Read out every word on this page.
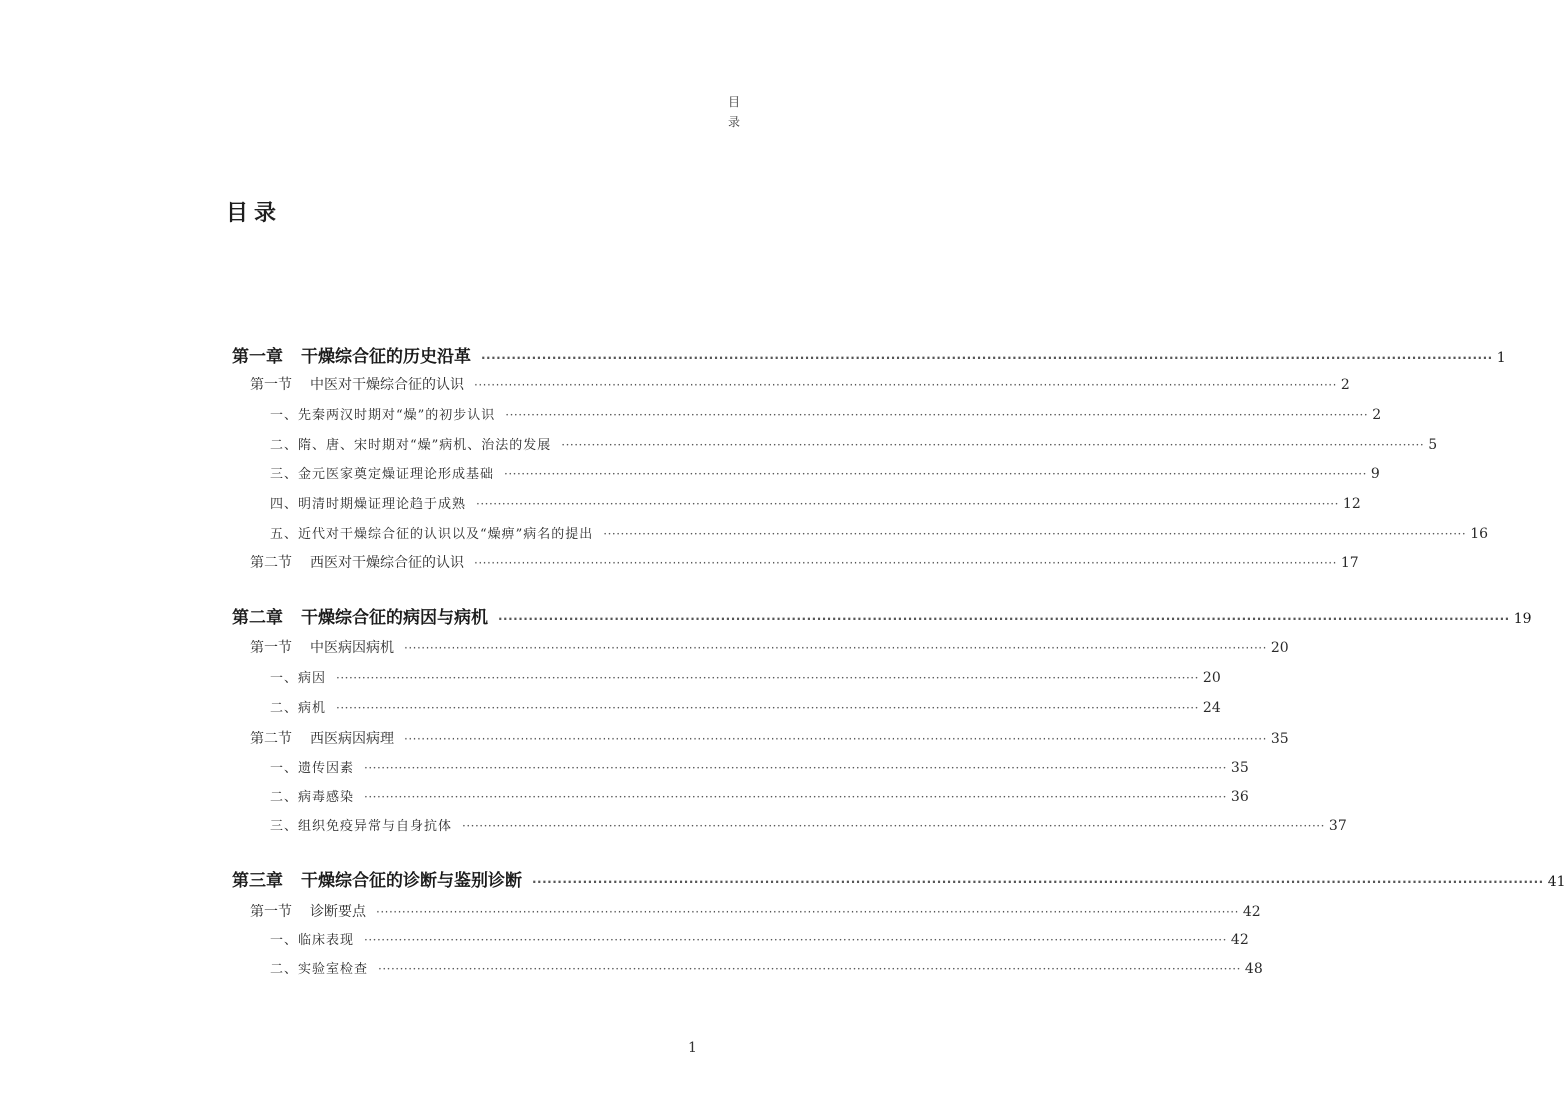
目
录
目录
第一章 干燥综合征的历史沿革 ········································································································································································································ 1
第一节 中医对干燥综合征的认识 ········································································································································································································ 2
一、先秦两汉时期对“燥”的初步认识 ········································································································································································································ 2
二、隋、唐、宋时期对“燥”病机、治法的发展 ········································································································································································································ 5
三、金元医家奠定燥证理论形成基础 ········································································································································································································ 9
四、明清时期燥证理论趋于成熟 ········································································································································································································ 12
五、近代对干燥综合征的认识以及“燥痹”病名的提出 ········································································································································································································ 16
第二节 西医对干燥综合征的认识 ········································································································································································································ 17
第二章 干燥综合征的病因与病机 ········································································································································································································ 19
第一节 中医病因病机 ········································································································································································································ 20
一、病因 ········································································································································································································ 20
二、病机 ········································································································································································································ 24
第二节 西医病因病理 ········································································································································································································ 35
一、遗传因素 ········································································································································································································ 35
二、病毒感染 ········································································································································································································ 36
三、组织免疫异常与自身抗体 ········································································································································································································ 37
第三章 干燥综合征的诊断与鉴别诊断 ········································································································································································································ 41
第一节 诊断要点 ········································································································································································································ 42
一、临床表现 ········································································································································································································ 42
二、实验室检查 ········································································································································································································ 48
1
